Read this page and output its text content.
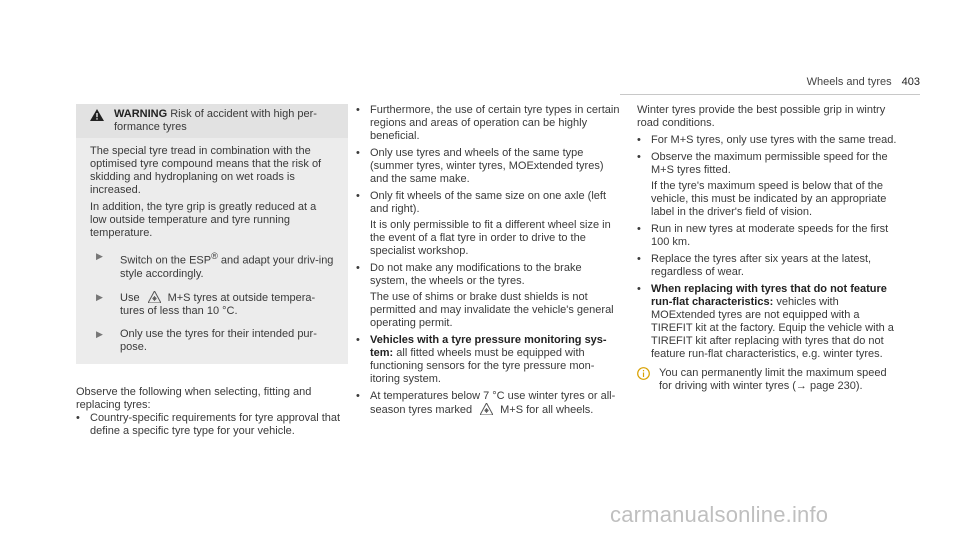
Wheels and tyres 403
WARNING Risk of accident with high per-formance tyres

The special tyre tread in combination with the optimised tyre compound means that the risk of skidding and hydroplaning on wet roads is increased.

In addition, the tyre grip is greatly reduced at a low outside temperature and tyre running temperature.

▶	Switch on the ESP® and adapt your driv-ing style accordingly.
▶	Use	M+S tyres at outside tempera-tures of less than 10 °C.
▶	Only use the tyres for their intended pur-pose.

Observe the following when selecting, fitting and replacing tyres:

• Country-specific requirements for tyre approval that define a specific tyre type for your vehicle.
• Furthermore, the use of certain tyre types in certain regions and areas of operation can be highly beneficial.
• Only use tyres and wheels of the same type (summer tyres, winter tyres, MOExtended tyres) and the same make.
• Only fit wheels of the same size on one axle (left and right).
It is only permissible to fit a different wheel size in the event of a flat tyre in order to drive to the specialist workshop.
• Do not make any modifications to the brake system, the wheels or the tyres.
The use of shims or brake dust shields is not permitted and may invalidate the vehicle's general operating permit.
• Vehicles with a tyre pressure monitoring sys-tem: all fitted wheels must be equipped with functioning sensors for the tyre pressure mon-itoring system.
• At temperatures below 7 °C use winter tyres or all-season tyres marked	M+S for all wheels.

Winter tyres provide the best possible grip in wintry road conditions.

• For M+S tyres, only use tyres with the same tread.
• Observe the maximum permissible speed for the M+S tyres fitted.
If the tyre's maximum speed is below that of the vehicle, this must be indicated by an appropriate label in the driver's field of vision.
• Run in new tyres at moderate speeds for the first 100 km.
• Replace the tyres after six years at the latest, regardless of wear.
• When replacing with tyres that do not feature run-flat characteristics: vehicles with MOExtended tyres are not equipped with a TIREFIT kit at the factory. Equip the vehicle with a TIREFIT kit after replacing with tyres that do not feature run-flat characteristics, e.g. winter tyres.
You can permanently limit the maximum speed for driving with winter tyres (→ page 230).
carmanualsonline.info
